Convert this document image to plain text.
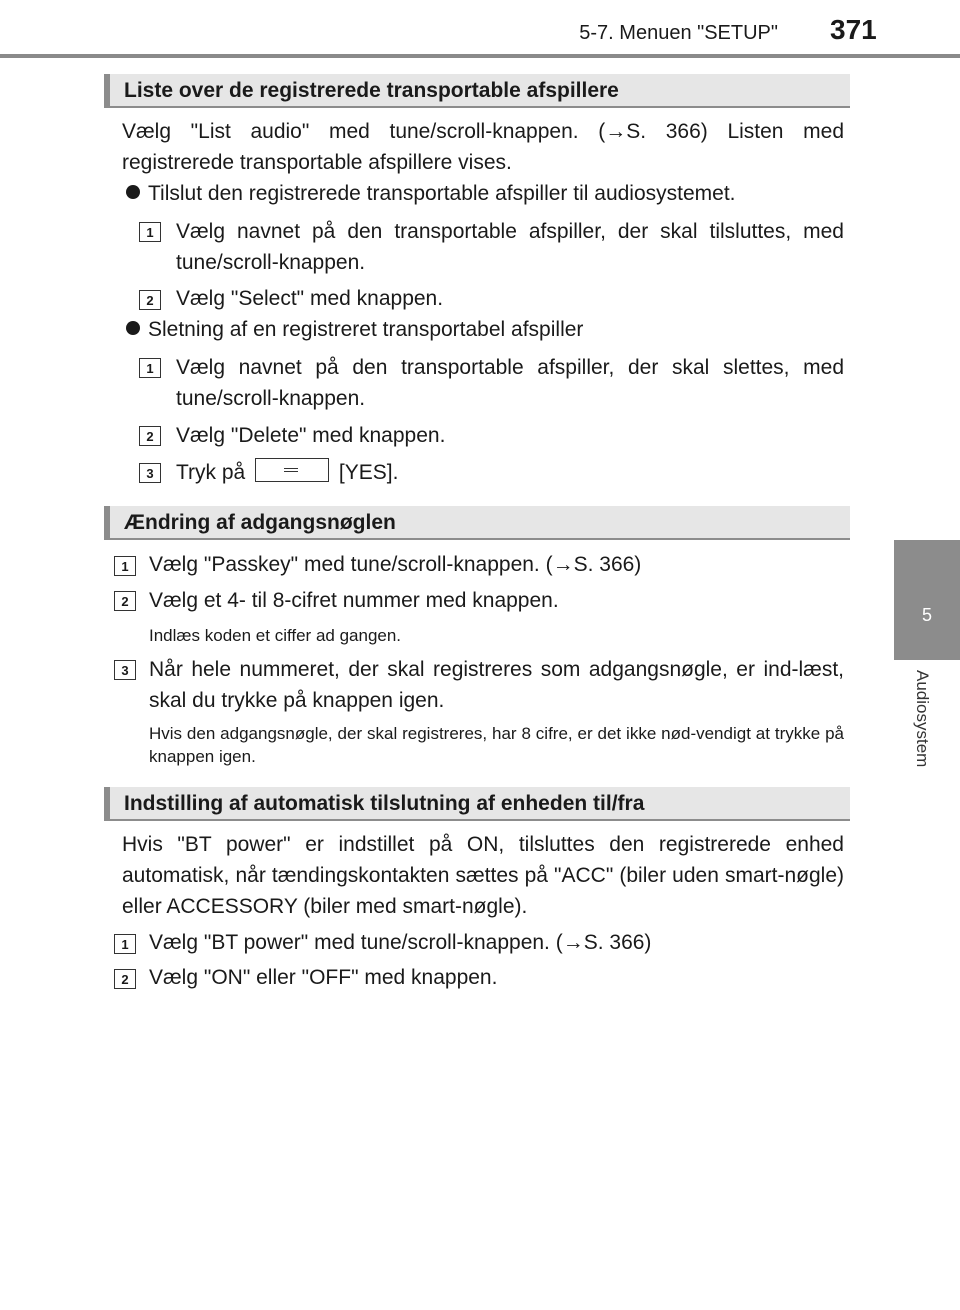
5-7. Menuen "SETUP" 371
5
Audiosystem
Liste over de registrerede transportable afspillere
Vælg "List audio" med tune/scroll-knappen. (→S. 366) Listen med registrerede transportable afspillere vises.
Tilslut den registrerede transportable afspiller til audiosystemet.
1	Vælg navnet på den transportable afspiller, der skal tilsluttes, med tune/scroll-knappen.
2	Vælg "Select" med knappen.
Sletning af en registreret transportabel afspiller
1	Vælg navnet på den transportable afspiller, der skal slettes, med tune/scroll-knappen.
2	Vælg "Delete" med knappen.
3	Tryk på	[YES].
Ændring af adgangsnøglen
1 Vælg "Passkey" med tune/scroll-knappen. (→S. 366)
2 Vælg et 4- til 8-cifret nummer med knappen.
Indlæs koden et ciffer ad gangen.
3 Når hele nummeret, der skal registreres som adgangsnøgle, er ind-læst, skal du trykke på knappen igen.
Hvis den adgangsnøgle, der skal registreres, har 8 cifre, er det ikke nød-vendigt at trykke på knappen igen.
Indstilling af automatisk tilslutning af enheden til/fra
Hvis "BT power" er indstillet på ON, tilsluttes den registrerede enhed automatisk, når tændingskontakten sættes på "ACC" (biler uden smart-nøgle) eller ACCESSORY (biler med smart-nøgle).
1 Vælg "BT power" med tune/scroll-knappen. (→S. 366)
2 Vælg "ON" eller "OFF" med knappen.
